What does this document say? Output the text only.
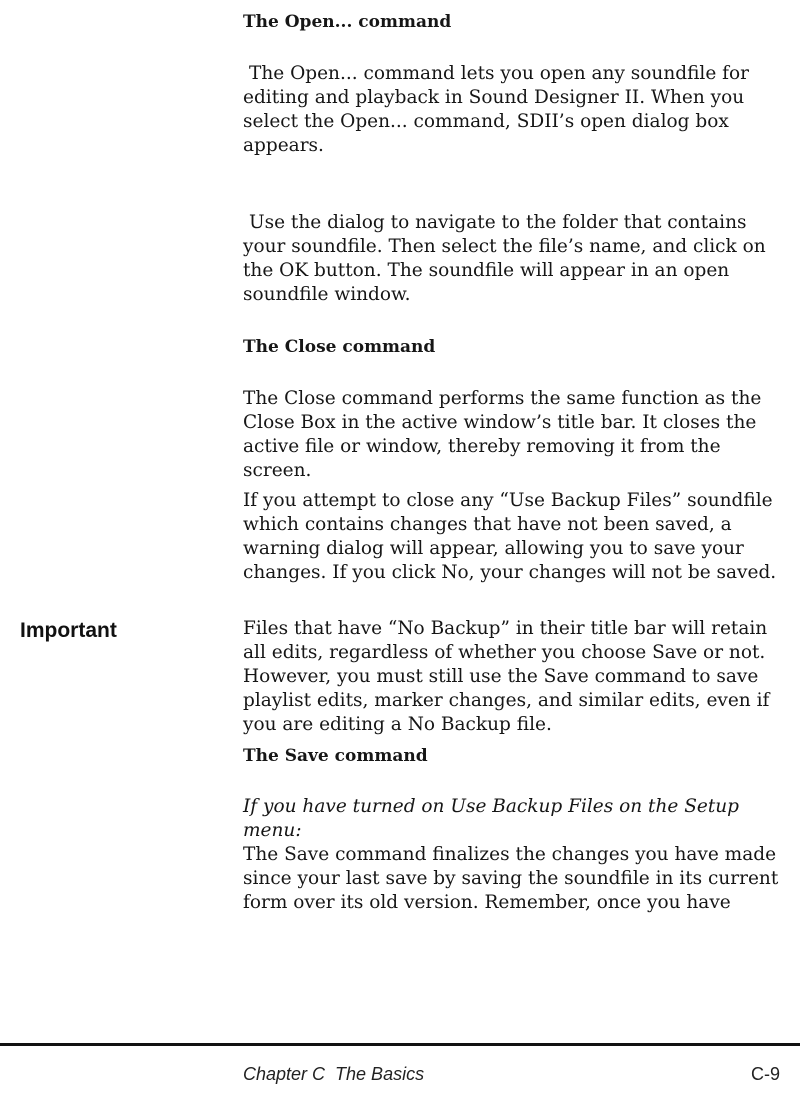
The Open... command

The Open... command lets you open any soundfile for editing and playback in Sound Designer II. When you select the Open... command, SDII’s open dialog box appears.

Use the dialog to navigate to the folder that contains your soundfile. Then select the file’s name, and click on the OK button. The soundfile will appear in an open soundfile window.

The Close command

The Close command performs the same function as the Close Box in the active window’s title bar. It closes the active file or window, thereby removing it from the screen.

If you attempt to close any “Use Backup Files” soundfile which contains changes that have not been saved, a warning dialog will appear, allowing you to save your changes. If you click No, your changes will not be saved.

Important	Files that have “No Backup” in their title bar will retain all edits, regardless of whether you choose Save or not. However, you must still use the Save command to save playlist edits, marker changes, and similar edits, even if you are editing a No Backup file.

The Save command

If you have turned on Use Backup Files on the Setup menu:
The Save command finalizes the changes you have made since your last save by saving the soundfile in its current form over its old version. Remember, once you have

Chapter C  The Basics	C-9
